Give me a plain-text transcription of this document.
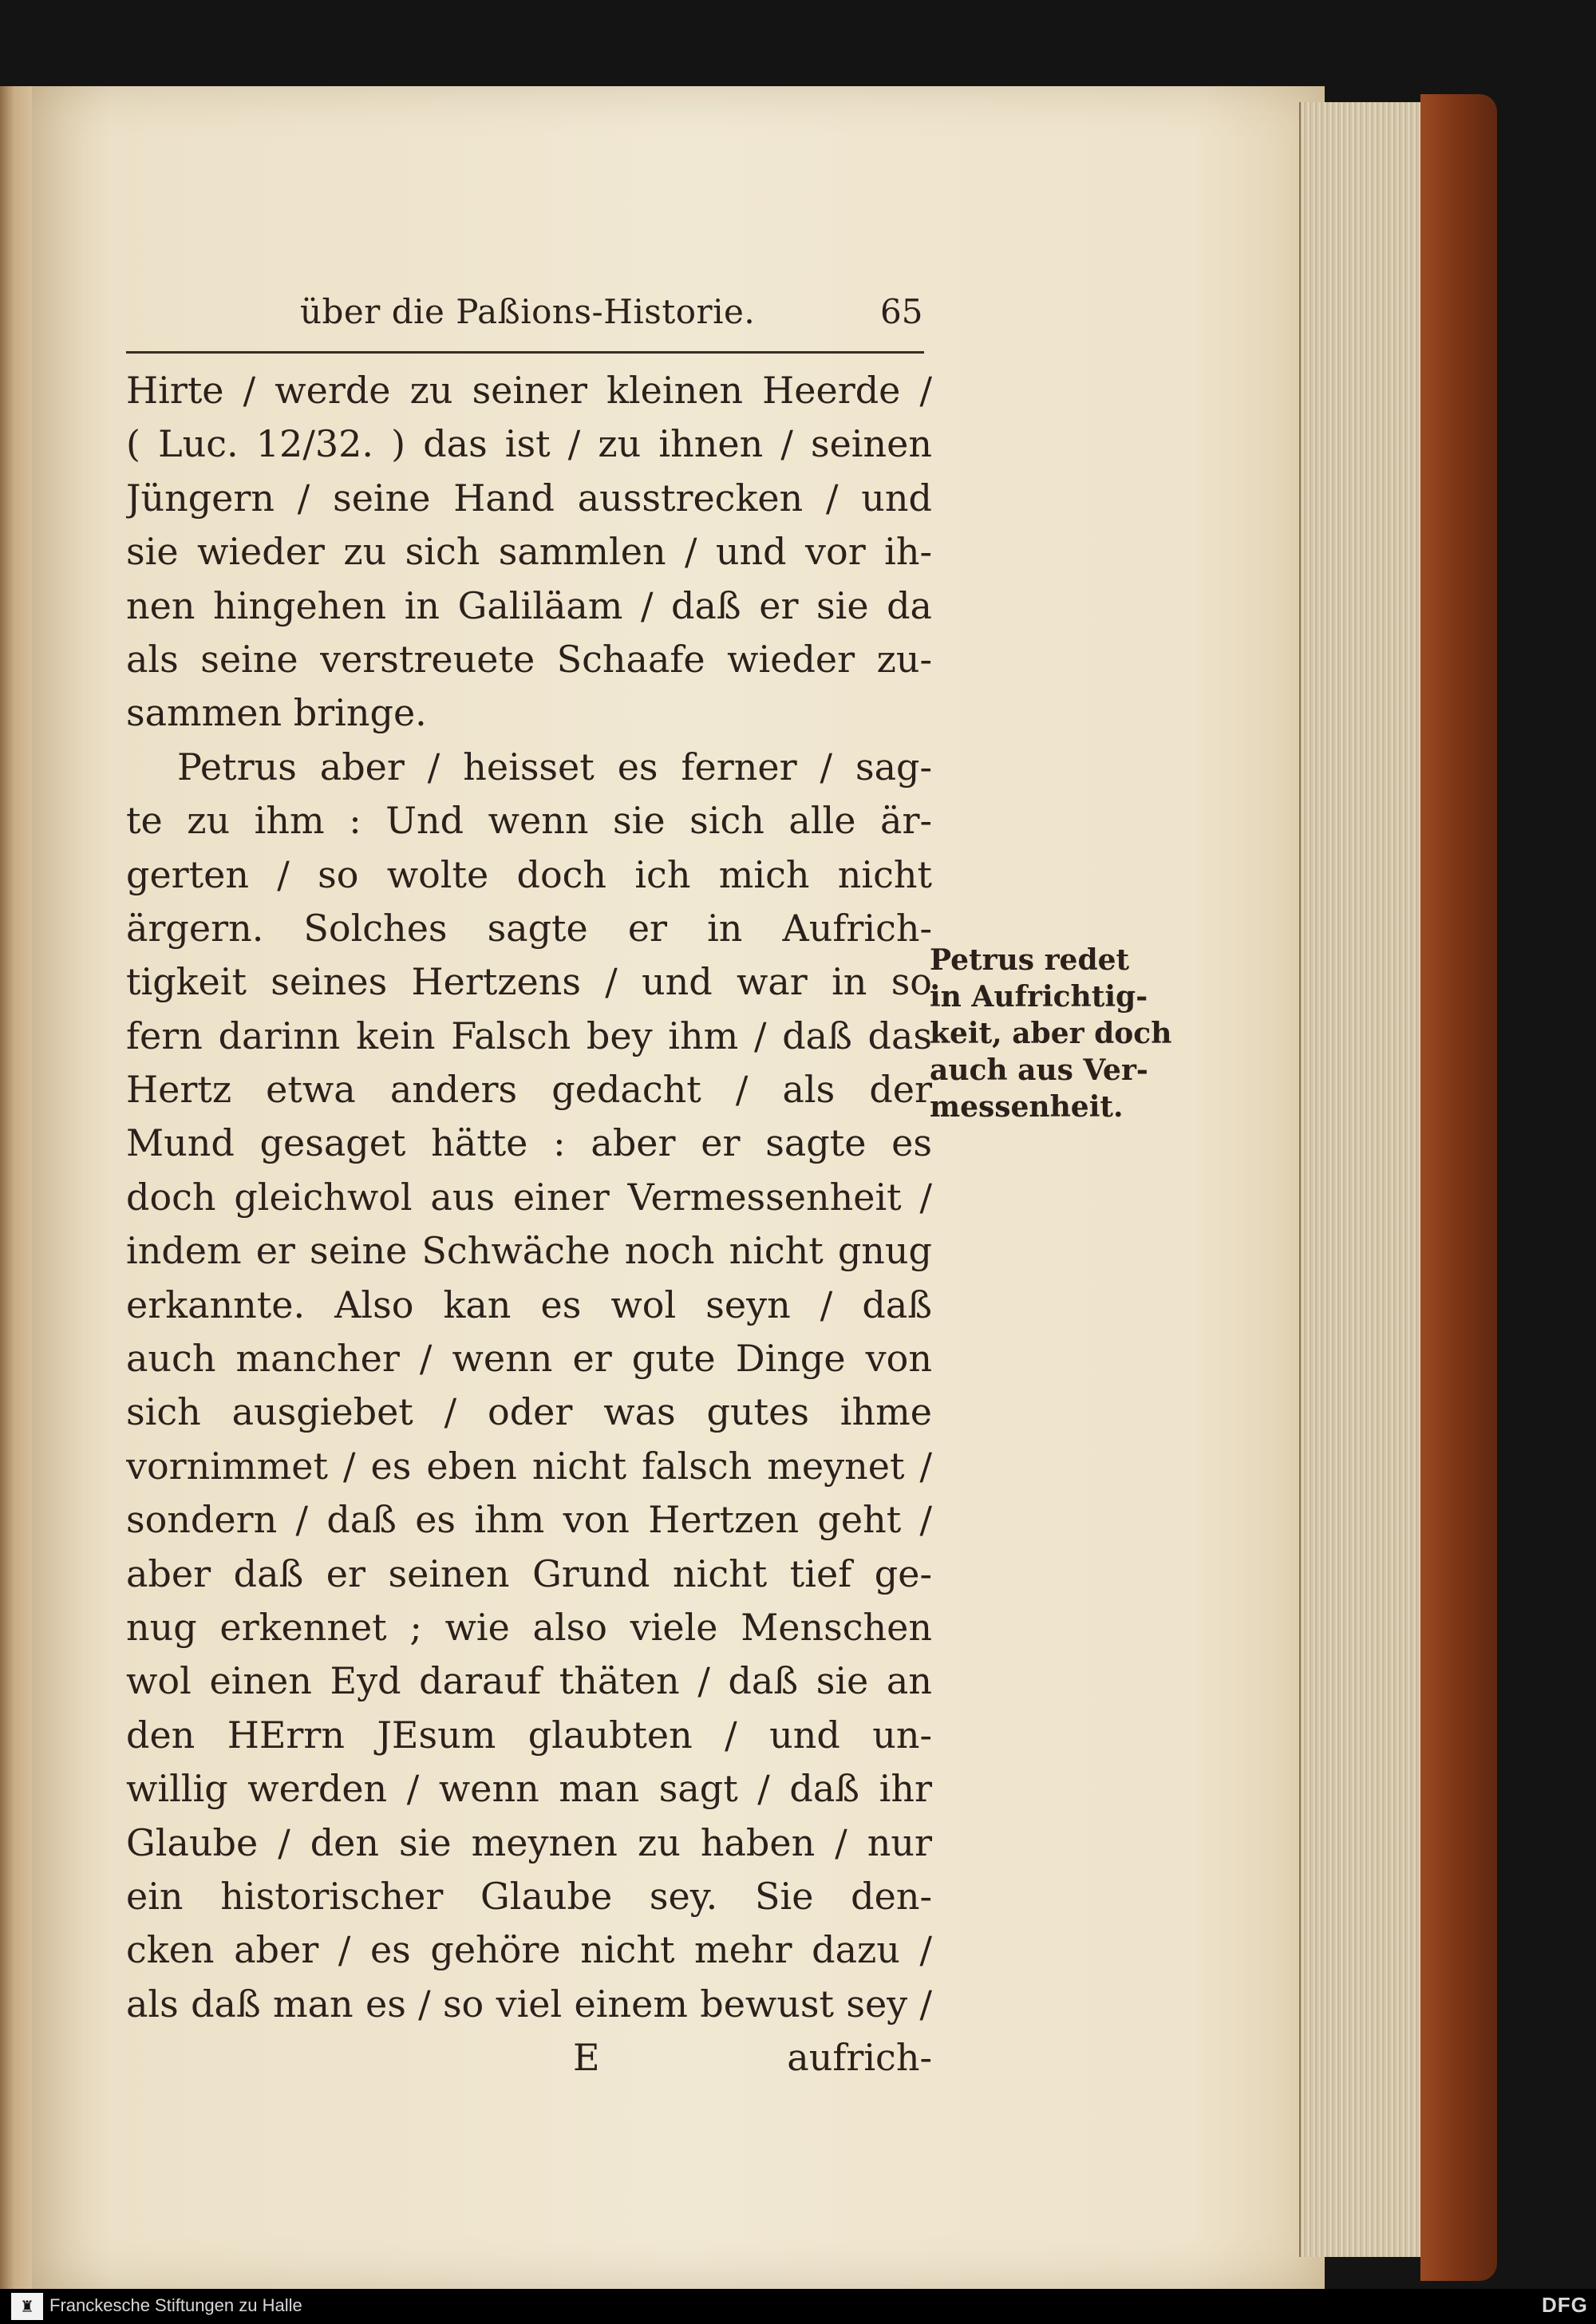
über die Paßions-Historie.	65
Hirte / werde zu seiner kleinen Heerde /
( Luc. 12/32. ) das ist / zu ihnen / seinen
Jüngern / seine Hand ausstrecken / und
sie wieder zu sich sammlen / und vor ih-
nen hingehen in Galiläam / daß er sie da
als seine verstreuete Schaafe wieder zu-
sammen bringe.
Petrus aber / heisset es ferner / sag-
te zu ihm : Und wenn sie sich alle är-
gerten / so wolte doch ich mich nicht
ärgern. Solches sagte er in Aufrich-
tigkeit seines Hertzens / und war in so
fern darinn kein Falsch bey ihm / daß das
Hertz etwa anders gedacht / als der
Mund gesaget hätte : aber er sagte es
doch gleichwol aus einer Vermessenheit /
indem er seine Schwäche noch nicht gnug
erkannte. Also kan es wol seyn / daß
auch mancher / wenn er gute Dinge von
sich ausgiebet / oder was gutes ihme
vornimmet / es eben nicht falsch meynet /
sondern / daß es ihm von Hertzen geht /
aber daß er seinen Grund nicht tief ge-
nug erkennet ; wie also viele Menschen
wol einen Eyd darauf thäten / daß sie an
den HErrn JEsum glaubten / und un-
willig werden / wenn man sagt / daß ihr
Glaube / den sie meynen zu haben / nur
ein historischer Glaube sey. Sie den-
cken aber / es gehöre nicht mehr dazu /
als daß man es / so viel einem bewust sey /
E	aufrich-
Petrus redet
in Aufrichtig-
keit, aber doch
auch aus Ver-
messenheit.
♜ Franckesche Stiftungen zu Halle	DFG
